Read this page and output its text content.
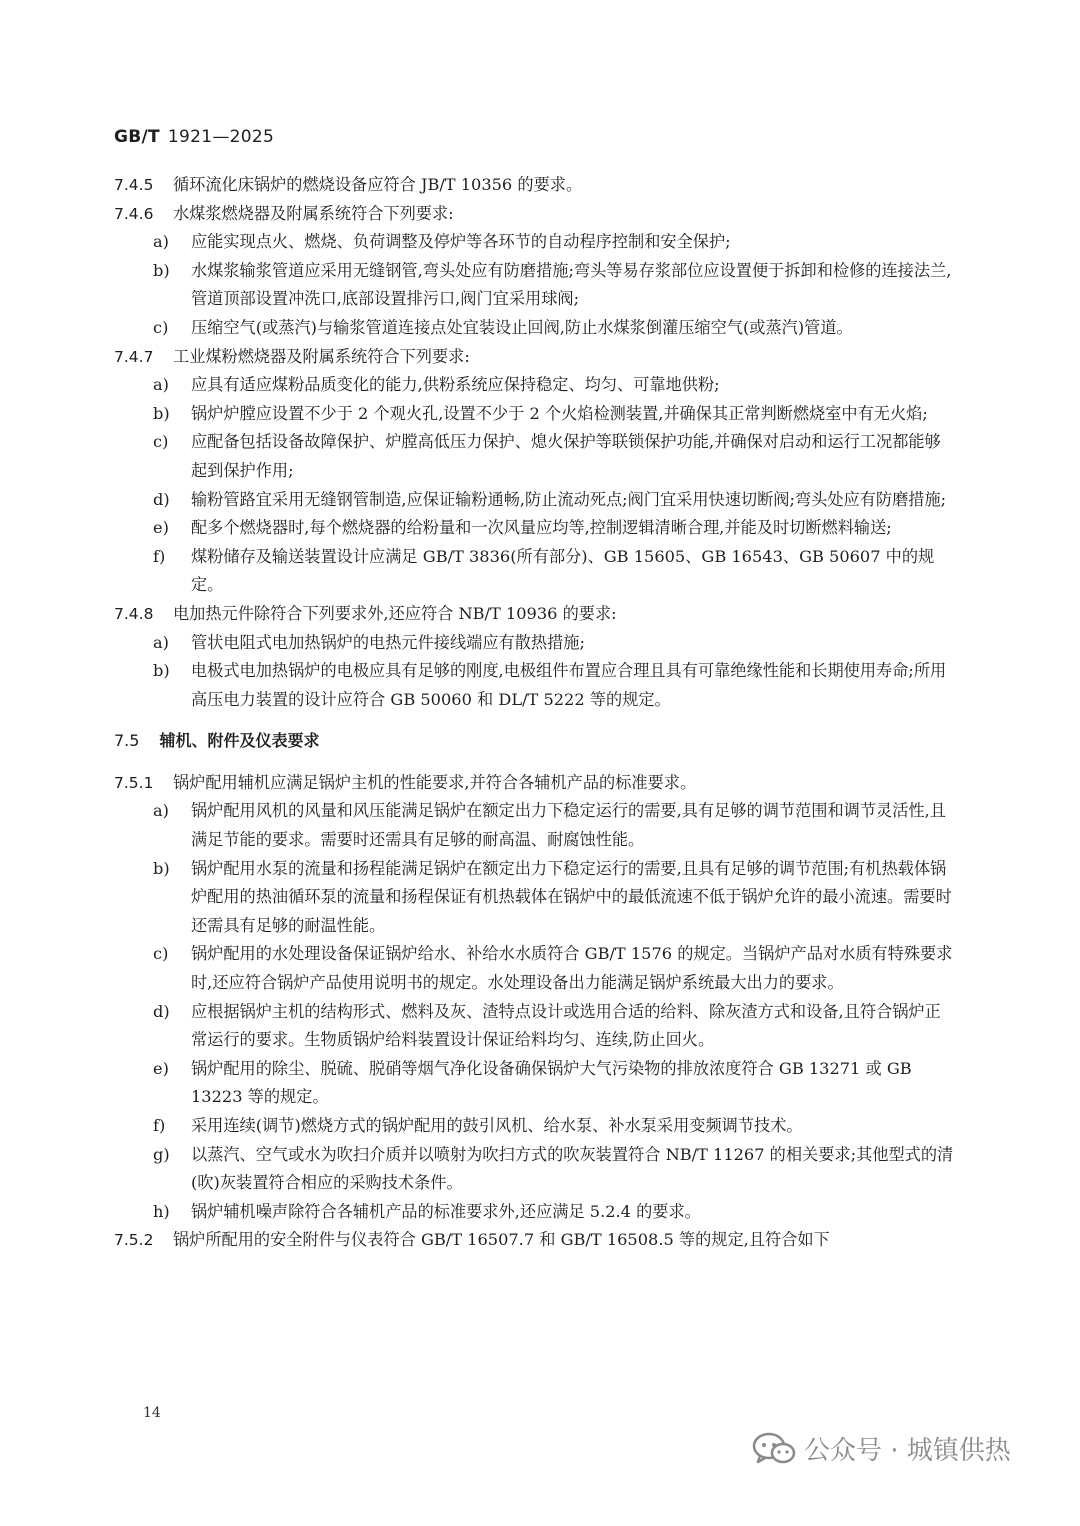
GB/T 1921—2025
7.4.5 循环流化床锅炉的燃烧设备应符合 JB/T 10356 的要求。
7.4.6 水煤浆燃烧器及附属系统符合下列要求:
a) 应能实现点火、燃烧、负荷调整及停炉等各环节的自动程序控制和安全保护;
b) 水煤浆输浆管道应采用无缝钢管,弯头处应有防磨措施;弯头等易存浆部位应设置便于拆卸和检修的连接法兰,管道顶部设置冲洗口,底部设置排污口,阀门宜采用球阀;
c) 压缩空气(或蒸汽)与输浆管道连接点处宜装设止回阀,防止水煤浆倒灌压缩空气(或蒸汽)管道。
7.4.7 工业煤粉燃烧器及附属系统符合下列要求:
a) 应具有适应煤粉品质变化的能力,供粉系统应保持稳定、均匀、可靠地供粉;
b) 锅炉炉膛应设置不少于 2 个观火孔,设置不少于 2 个火焰检测装置,并确保其正常判断燃烧室中有无火焰;
c) 应配备包括设备故障保护、炉膛高低压力保护、熄火保护等联锁保护功能,并确保对启动和运行工况都能够起到保护作用;
d) 输粉管路宜采用无缝钢管制造,应保证输粉通畅,防止流动死点;阀门宜采用快速切断阀;弯头处应有防磨措施;
e) 配多个燃烧器时,每个燃烧器的给粉量和一次风量应均等,控制逻辑清晰合理,并能及时切断燃料输送;
f) 煤粉储存及输送装置设计应满足 GB/T 3836(所有部分)、GB 15605、GB 16543、GB 50607 中的规定。
7.4.8 电加热元件除符合下列要求外,还应符合 NB/T 10936 的要求:
a) 管状电阻式电加热锅炉的电热元件接线端应有散热措施;
b) 电极式电加热锅炉的电极应具有足够的刚度,电极组件布置应合理且具有可靠绝缘性能和长期使用寿命;所用高压电力装置的设计应符合 GB 50060 和 DL/T 5222 等的规定。
7.5 辅机、附件及仪表要求
7.5.1 锅炉配用辅机应满足锅炉主机的性能要求,并符合各辅机产品的标准要求。
a) 锅炉配用风机的风量和风压能满足锅炉在额定出力下稳定运行的需要,具有足够的调节范围和调节灵活性,且满足节能的要求。需要时还需具有足够的耐高温、耐腐蚀性能。
b) 锅炉配用水泵的流量和扬程能满足锅炉在额定出力下稳定运行的需要,且具有足够的调节范围;有机热载体锅炉配用的热油循环泵的流量和扬程保证有机热载体在锅炉中的最低流速不低于锅炉允许的最小流速。需要时还需具有足够的耐温性能。
c) 锅炉配用的水处理设备保证锅炉给水、补给水水质符合 GB/T 1576 的规定。当锅炉产品对水质有特殊要求时,还应符合锅炉产品使用说明书的规定。水处理设备出力能满足锅炉系统最大出力的要求。
d) 应根据锅炉主机的结构形式、燃料及灰、渣特点设计或选用合适的给料、除灰渣方式和设备,且符合锅炉正常运行的要求。生物质锅炉给料装置设计保证给料均匀、连续,防止回火。
e) 锅炉配用的除尘、脱硫、脱硝等烟气净化设备确保锅炉大气污染物的排放浓度符合 GB 13271 或 GB 13223 等的规定。
f) 采用连续(调节)燃烧方式的锅炉配用的鼓引风机、给水泵、补水泵采用变频调节技术。
g) 以蒸汽、空气或水为吹扫介质并以喷射为吹扫方式的吹灰装置符合 NB/T 11267 的相关要求;其他型式的清(吹)灰装置符合相应的采购技术条件。
h) 锅炉辅机噪声除符合各辅机产品的标准要求外,还应满足 5.2.4 的要求。
7.5.2 锅炉所配用的安全附件与仪表符合 GB/T 16507.7 和 GB/T 16508.5 等的规定,且符合如下
14
公众号 · 城镇供热
